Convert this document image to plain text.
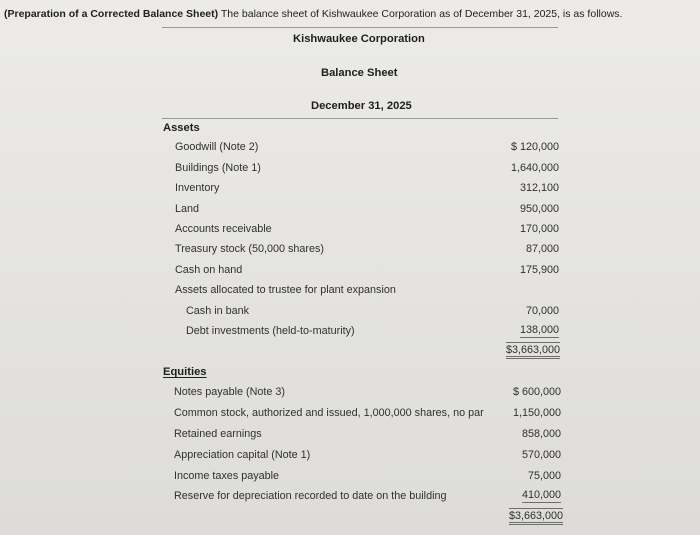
(Preparation of a Corrected Balance Sheet) The balance sheet of Kishwaukee Corporation as of December 31, 2025, is as follows.
Kishwaukee Corporation
Balance Sheet
December 31, 2025
Assets
Goodwill (Note 2)	$ 120,000
Buildings (Note 1)	1,640,000
Inventory	312,100
Land	950,000
Accounts receivable	170,000
Treasury stock (50,000 shares)	87,000
Cash on hand	175,900
Assets allocated to trustee for plant expansion
Cash in bank	70,000
Debt investments (held-to-maturity)	138,000
$3,663,000
Equities
Notes payable (Note 3)	$ 600,000
Common stock, authorized and issued, 1,000,000 shares, no par	1,150,000
Retained earnings	858,000
Appreciation capital (Note 1)	570,000
Income taxes payable	75,000
Reserve for depreciation recorded to date on the building	410,000
$3,663,000
